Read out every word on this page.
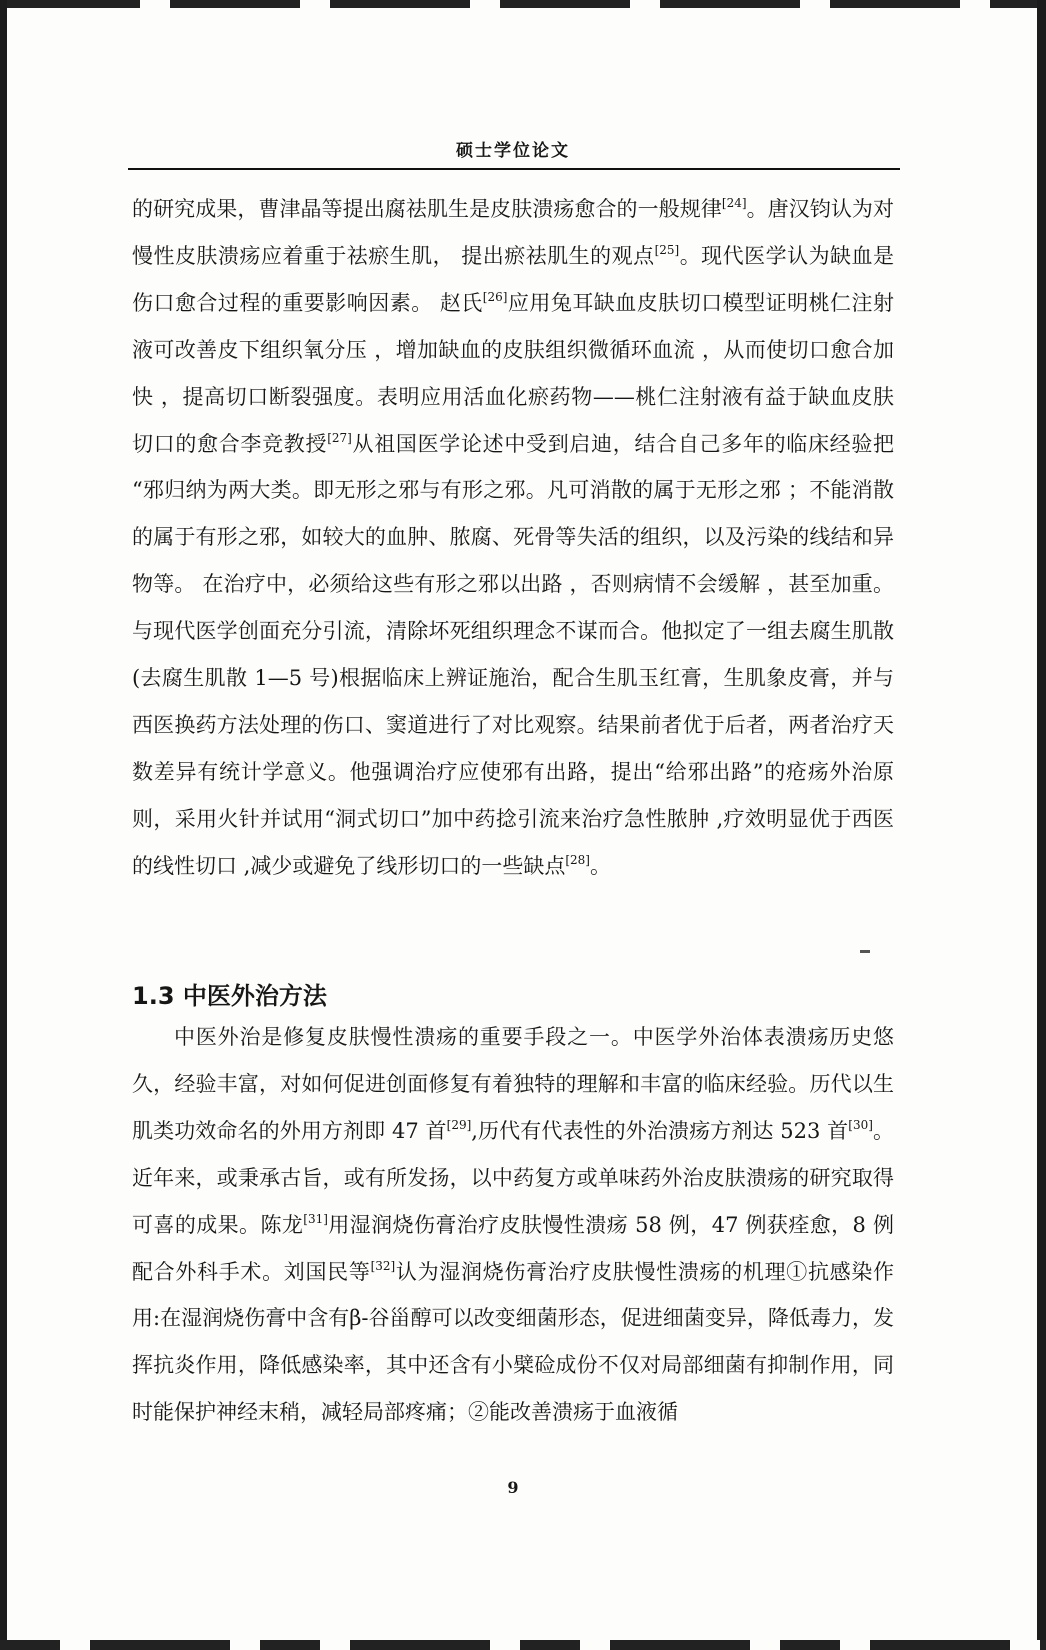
硕士学位论文

的研究成果，曹津晶等提出腐祛肌生是皮肤溃疡愈合的一般规律[24]。唐汉钧认为对慢性皮肤溃疡应着重于祛瘀生肌， 提出瘀祛肌生的观点[25]。现代医学认为缺血是伤口愈合过程的重要影响因素。 赵氏[26]应用兔耳缺血皮肤切口模型证明桃仁注射液可改善皮下组织氧分压 ，增加缺血的皮肤组织微循环血流 ，从而使切口愈合加快 ，提高切口断裂强度。表明应用活血化瘀药物——桃仁注射液有益于缺血皮肤切口的愈合李竞教授[27]从祖国医学论述中受到启迪，结合自己多年的临床经验把 “邪归纳为两大类。即无形之邪与有形之邪。凡可消散的属于无形之邪 ；不能消散的属于有形之邪，如较大的血肿、脓腐、死骨等失活的组织，以及污染的线结和异物等。 在治疗中，必须给这些有形之邪以出路 ，否则病情不会缓解 ，甚至加重。与现代医学创面充分引流，清除坏死组织理念不谋而合。他拟定了一组去腐生肌散(去腐生肌散 1—5 号)根据临床上辨证施治，配合生肌玉红膏，生肌象皮膏，并与西医换药方法处理的伤口、窦道进行了对比观察。结果前者优于后者，两者治疗天数差异有统计学意义。他强调治疗应使邪有出路，提出“给邪出路”的疮疡外治原则，采用火针并试用“洞式切口”加中药捻引流来治疗急性脓肿 ,疗效明显优于西医的线性切口 ,减少或避免了线形切口的一些缺点[28]。

1.3 中医外治方法

中医外治是修复皮肤慢性溃疡的重要手段之一。中医学外治体表溃疡历史悠久，经验丰富，对如何促进创面修复有着独特的理解和丰富的临床经验。历代以生肌类功效命名的外用方剂即 47 首[29],历代有代表性的外治溃疡方剂达 523 首[30]。近年来，或秉承古旨，或有所发扬，以中药复方或单味药外治皮肤溃疡的研究取得可喜的成果。陈龙[31]用湿润烧伤膏治疗皮肤慢性溃疡 58 例，47 例获痊愈，8 例配合外科手术。刘国民等[32]认为湿润烧伤膏治疗皮肤慢性溃疡的机理①抗感染作用:在湿润烧伤膏中含有β-谷甾醇可以改变细菌形态，促进细菌变异，降低毒力，发挥抗炎作用，降低感染率，其中还含有小檗硷成份不仅对局部细菌有抑制作用，同时能保护神经末稍，减轻局部疼痛；②能改善溃疡于血液循

9
